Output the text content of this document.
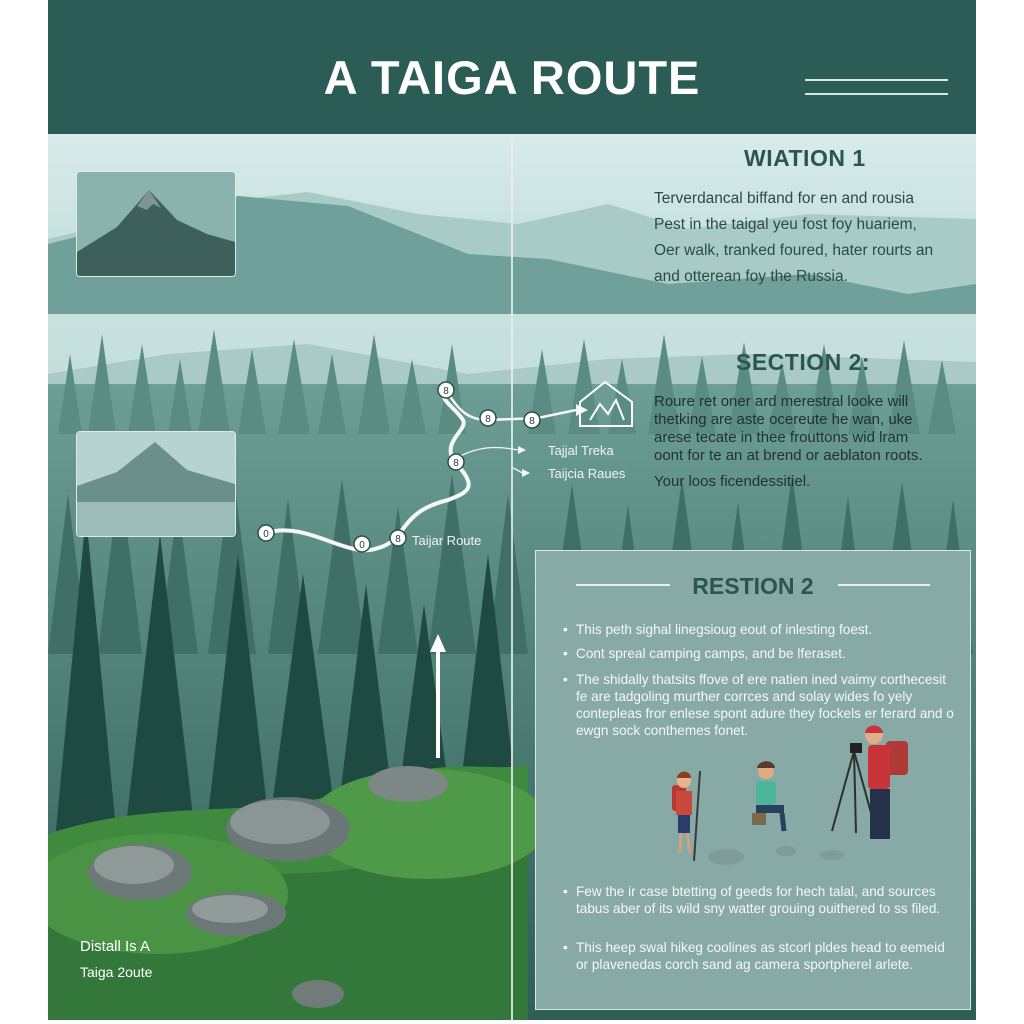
A TAIGA ROUTE
WIATION 1

Terverdancal biffand for en and rousia

Pest in the taigal yeu fost foy huariem,

Oer walk, tranked foured, hater rourts an

and otterean foy the Russia.

SECTION 2:

Roure ret oner ard merestral looke will

thetking are aste ocereute he wan, uke

arese tecate in thee frouttons wid lram

oont for te an at brend or aeblaton roots.

Your loos ficendessitiel.

8
8	8
8
0
0
8
Tajjal Treka
Taijcia Raues
Taijar Route
RESTION 2
• This peth sighal linegsioug eout of inlesting foest.
• Cont spreal camping camps, and be lferaset.
• The shidally thatsits ffove of ere natien ined vaimy corthecesit fe are tadgoling murther corrces and solay wides fo yely contepleas fror enlese spont adure they fockels er ferard and o ewgn sock conthemes fonet.
• Few the ir case btetting of geeds for hech talal, and sources tabus aber of its wild sny watter grouing ouithered to ss filed.
• This heep swal hikeg coolines as stcorl pldes head to eemeid or plavenedas corch sand ag camera sportpherel arlete.
Distall Is A
Taiga 2oute
